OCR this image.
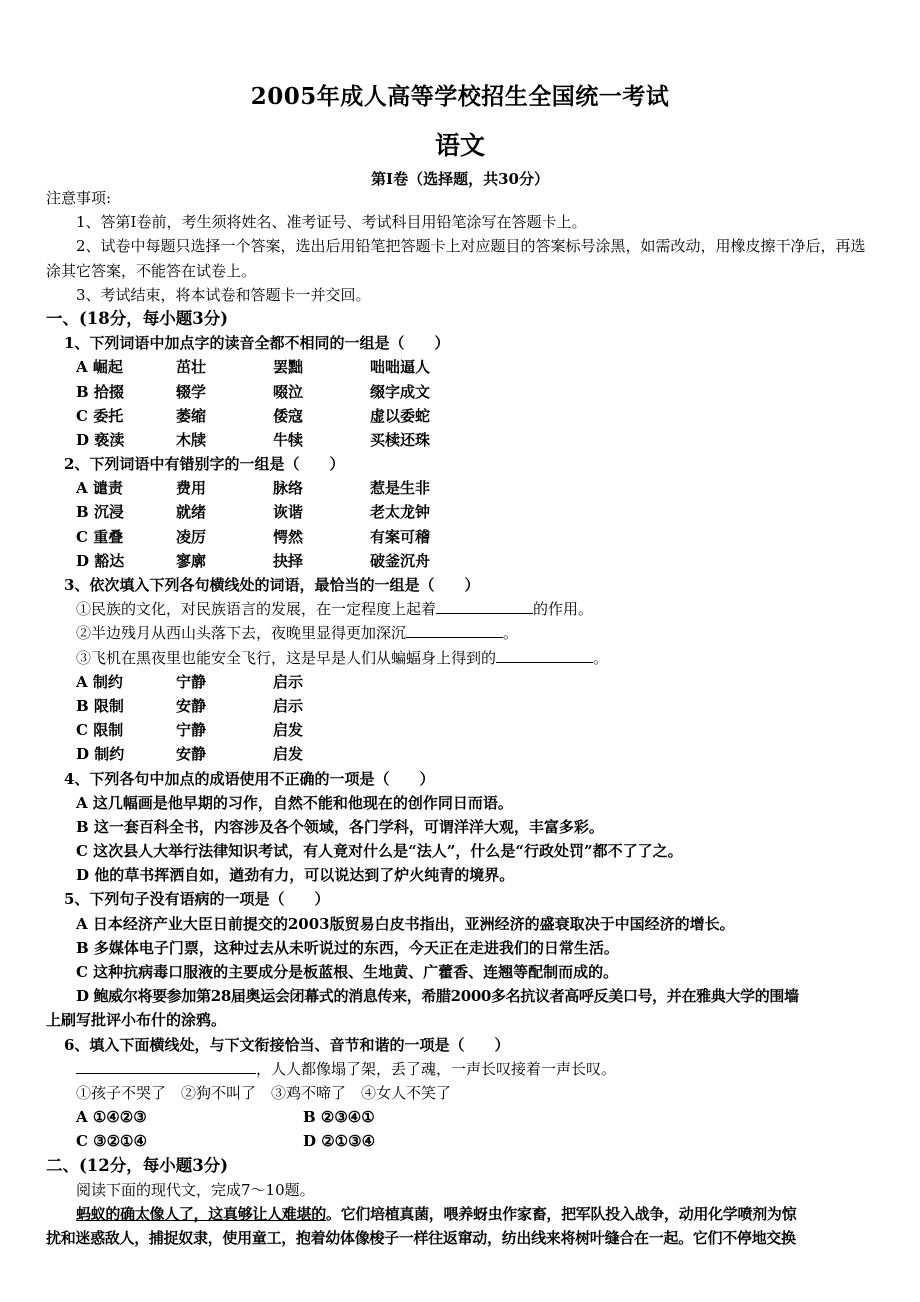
2005年成人高等学校招生全国统一考试
语文
第I卷（选择题，共30分）
注意事项:
1、答第Ⅰ卷前，考生须将姓名、准考证号、考试科目用铅笔涂写在答题卡上。
2、试卷中每题只选择一个答案，选出后用铅笔把答题卡上对应题目的答案标号涂黑，如需改动，用橡皮擦干净后，再选涂其它答案，不能答在试卷上。
3、考试结束，将本试卷和答题卡一并交回。
一、(18分，每小题3分)
1、下列词语中加点字的读音全都不相同的一组是（　　）
A 崛起	茁壮	罢黜	咄咄逼人
B 拾掇	辍学	啜泣	缀字成文
C 委托	萎缩	倭寇	虚以委蛇
D 亵渎	木牍	牛犊	买椟还珠
2、下列词语中有错别字的一组是（　　）
A 谴责	费用	脉络	惹是生非
B 沉浸	就绪	诙谐	老太龙钟
C 重叠	凌厉	愕然	有案可稽
D 豁达	寥廓	抉择	破釜沉舟
3、依次填入下列各句横线处的词语，最恰当的一组是（　　）
①民族的文化，对民族语言的发展，在一定程度上起着	的作用。
②半边残月从西山头落下去，夜晚里显得更加深沉	。
③飞机在黑夜里也能安全飞行，这是早是人们从蝙蝠身上得到的	。
A 制约	宁静	启示
B 限制	安静	启示
C 限制	宁静	启发
D 制约	安静	启发
4、下列各句中加点的成语使用不正确的一项是（　　）
A 这几幅画是他早期的习作，自然不能和他现在的创作同日而语。
B 这一套百科全书，内容涉及各个领域，各门学科，可谓洋洋大观，丰富多彩。
C 这次县人大举行法律知识考试，有人竟对什么是“法人”，什么是“行政处罚”都不了了之。
D 他的草书挥洒自如，遒劲有力，可以说达到了炉火纯青的境界。
5、下列句子没有语病的一项是（　　）
A 日本经济产业大臣日前提交的2003版贸易白皮书指出，亚洲经济的盛衰取决于中国经济的增长。
B 多媒体电子门票，这种过去从未听说过的东西，今天正在走进我们的日常生活。
C 这种抗病毒口服液的主要成分是板蓝根、生地黄、广藿香、连翘等配制而成的。
D 鲍威尔将要参加第28届奥运会闭幕式的消息传来，希腊2000多名抗议者高呼反美口号，并在雅典大学的围墙
上刷写批评小布什的涂鸦。
6、填入下面横线处，与下文衔接恰当、音节和谐的一项是（　　）
，人人都像塌了架，丢了魂，一声长叹接着一声长叹。
①孩子不哭了　②狗不叫了　③鸡不啼了　④女人不笑了
A ①④②③	B ②③④①
C ③②①④	D ②①③④
二、(12分，每小题3分)
阅读下面的现代文，完成7～10题。
蚂蚁的确太像人了，这真够让人难堪的。它们培植真菌，喂养蚜虫作家畜，把军队投入战争，动用化学喷剂为惊
扰和迷惑敌人，捕捉奴隶，使用童工，抱着幼体像梭子一样往返窜动，纺出线来将树叶缝合在一起。它们不停地交换
